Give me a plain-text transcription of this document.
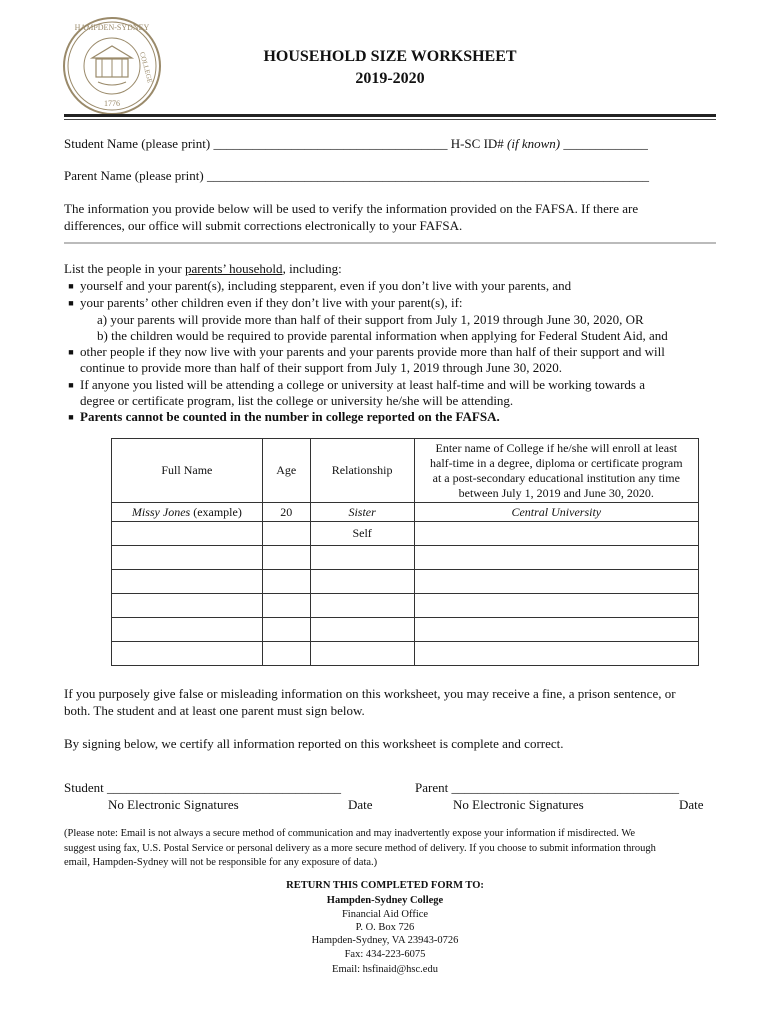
HAMPDEN-SYDNEY
COLLEGE
1776
HOUSEHOLD SIZE WORKSHEET
2019-2020
Student Name (please print) ____________________________________ H-SC ID# (if known) _____________
Parent Name (please print) ____________________________________________________________________
The information you provide below will be used to verify the information provided on the FAFSA. If there are
differences, our office will submit corrections electronically to your FAFSA.
List the people in your parents’ household, including:
■ yourself and your parent(s), including stepparent, even if you don’t live with your parents, and
■ your parents’ other children even if they don’t live with your parent(s), if:
a) your parents will provide more than half of their support from July 1, 2019 through June 30, 2020, OR
b) the children would be required to provide parental information when applying for Federal Student Aid, and
■ other people if they now live with your parents and your parents provide more than half of their support and will
continue to provide more than half of their support from July 1, 2019 through June 30, 2020.
■ If anyone you listed will be attending a college or university at least half-time and will be working towards a
degree or certificate program, list the college or university he/she will be attending.
■ Parents cannot be counted in the number in college reported on the FAFSA.
Full Name	Age	Relationship	Enter name of College if he/she will enroll at least
half-time in a degree, diploma or certificate program
at a post-secondary educational institution any time
between July 1, 2019 and June 30, 2020.

Missy Jones (example)	20	Sister	Central University
		Self	

If you purposely give false or misleading information on this worksheet, you may receive a fine, a prison sentence, or
both. The student and at least one parent must sign below.
By signing below, we certify all information reported on this worksheet is complete and correct.
Student ____________________________________	Parent ___________________________________
No Electronic Signatures	Date	No Electronic Signatures	Date
(Please note: Email is not always a secure method of communication and may inadvertently expose your information if misdirected. We
suggest using fax, U.S. Postal Service or personal delivery as a more secure method of delivery. If you choose to submit information through
email, Hampden-Sydney will not be responsible for any exposure of data.)
RETURN THIS COMPLETED FORM TO:
Hampden-Sydney College
Financial Aid Office
P. O. Box 726
Hampden-Sydney, VA 23943-0726
Fax: 434-223-6075
Email: hsfinaid@hsc.edu
